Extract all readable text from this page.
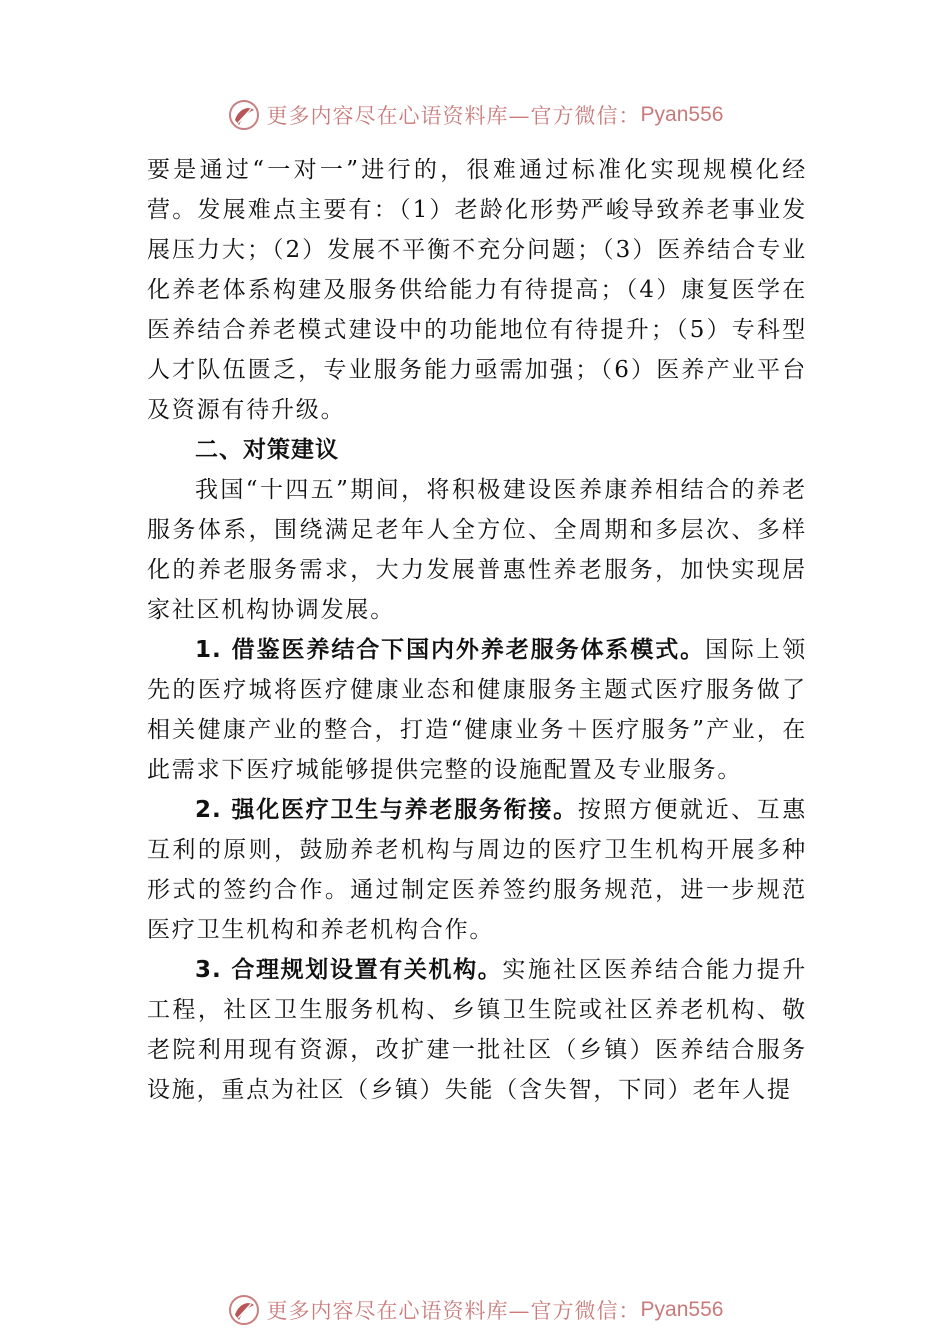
更多内容尽在心语资料库—官方微信： Pyan556

要是通过“一对一”进行的，很难通过标准化实现规模化经营。发展难点主要有：（1）老龄化形势严峻导致养老事业发展压力大；（2）发展不平衡不充分问题；（3）医养结合专业化养老体系构建及服务供给能力有待提高；（4）康复医学在医养结合养老模式建设中的功能地位有待提升；（5）专科型人才队伍匮乏，专业服务能力亟需加强；（6）医养产业平台及资源有待升级。

二、对策建议

我国“十四五”期间，将积极建设医养康养相结合的养老服务体系，围绕满足老年人全方位、全周期和多层次、多样化的养老服务需求，大力发展普惠性养老服务，加快实现居家社区机构协调发展。

1. 借鉴医养结合下国内外养老服务体系模式。国际上领先的医疗城将医疗健康业态和健康服务主题式医疗服务做了相关健康产业的整合，打造“健康业务＋医疗服务”产业，在此需求下医疗城能够提供完整的设施配置及专业服务。

2. 强化医疗卫生与养老服务衔接。按照方便就近、互惠互利的原则，鼓励养老机构与周边的医疗卫生机构开展多种形式的签约合作。通过制定医养签约服务规范，进一步规范医疗卫生机构和养老机构合作。

3. 合理规划设置有关机构。实施社区医养结合能力提升工程，社区卫生服务机构、乡镇卫生院或社区养老机构、敬老院利用现有资源，改扩建一批社区（乡镇）医养结合服务设施，重点为社区（乡镇）失能（含失智，下同）老年人提

更多内容尽在心语资料库—官方微信： Pyan556
